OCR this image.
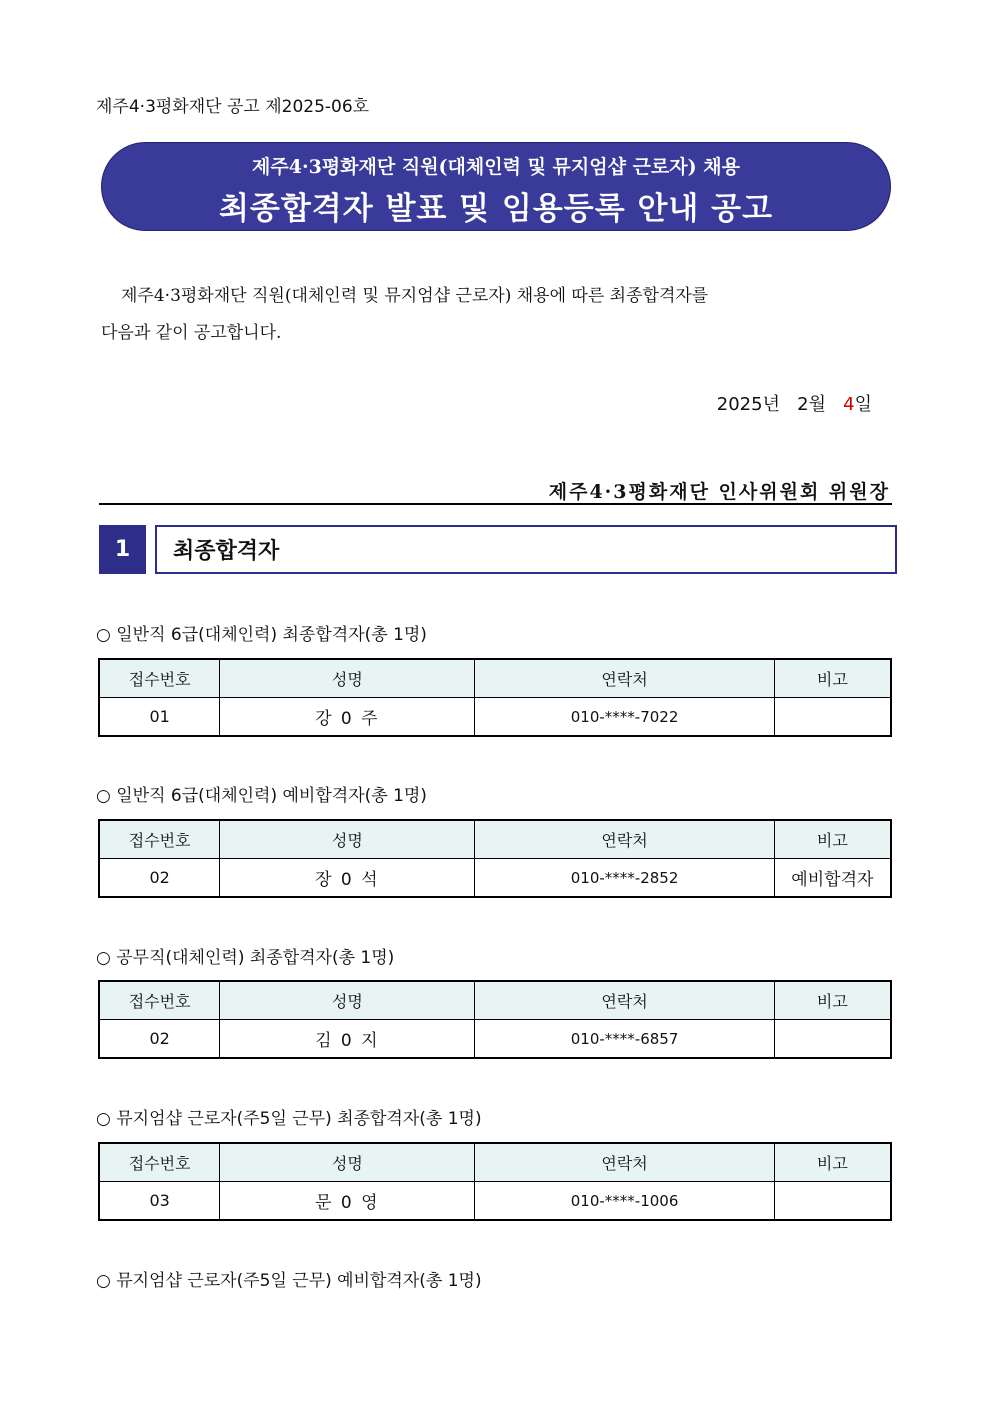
제주4·3평화재단 공고 제2025-06호
제주4·3평화재단 직원(대체인력 및 뮤지엄샵 근로자) 채용
최종합격자 발표 및 임용등록 안내 공고
제주4·3평화재단 직원(대체인력 및 뮤지엄샵 근로자) 채용에 따른 최종합격자를
다음과 같이 공고합니다.
2025년 2월 4일
제주4·3평화재단 인사위원회 위원장
1	최종합격자
○ 일반직 6급(대체인력) 최종합격자(총 1명)
접수번호	성명	연락처	비고
01	강 0 주	010-****-7022	
○ 일반직 6급(대체인력) 예비합격자(총 1명)
접수번호	성명	연락처	비고
02	장 0 석	010-****-2852	예비합격자
○ 공무직(대체인력) 최종합격자(총 1명)
접수번호	성명	연락처	비고
02	김 0 지	010-****-6857	
○ 뮤지엄샵 근로자(주5일 근무) 최종합격자(총 1명)
접수번호	성명	연락처	비고
03	문 0 영	010-****-1006	
○ 뮤지엄샵 근로자(주5일 근무) 예비합격자(총 1명)
